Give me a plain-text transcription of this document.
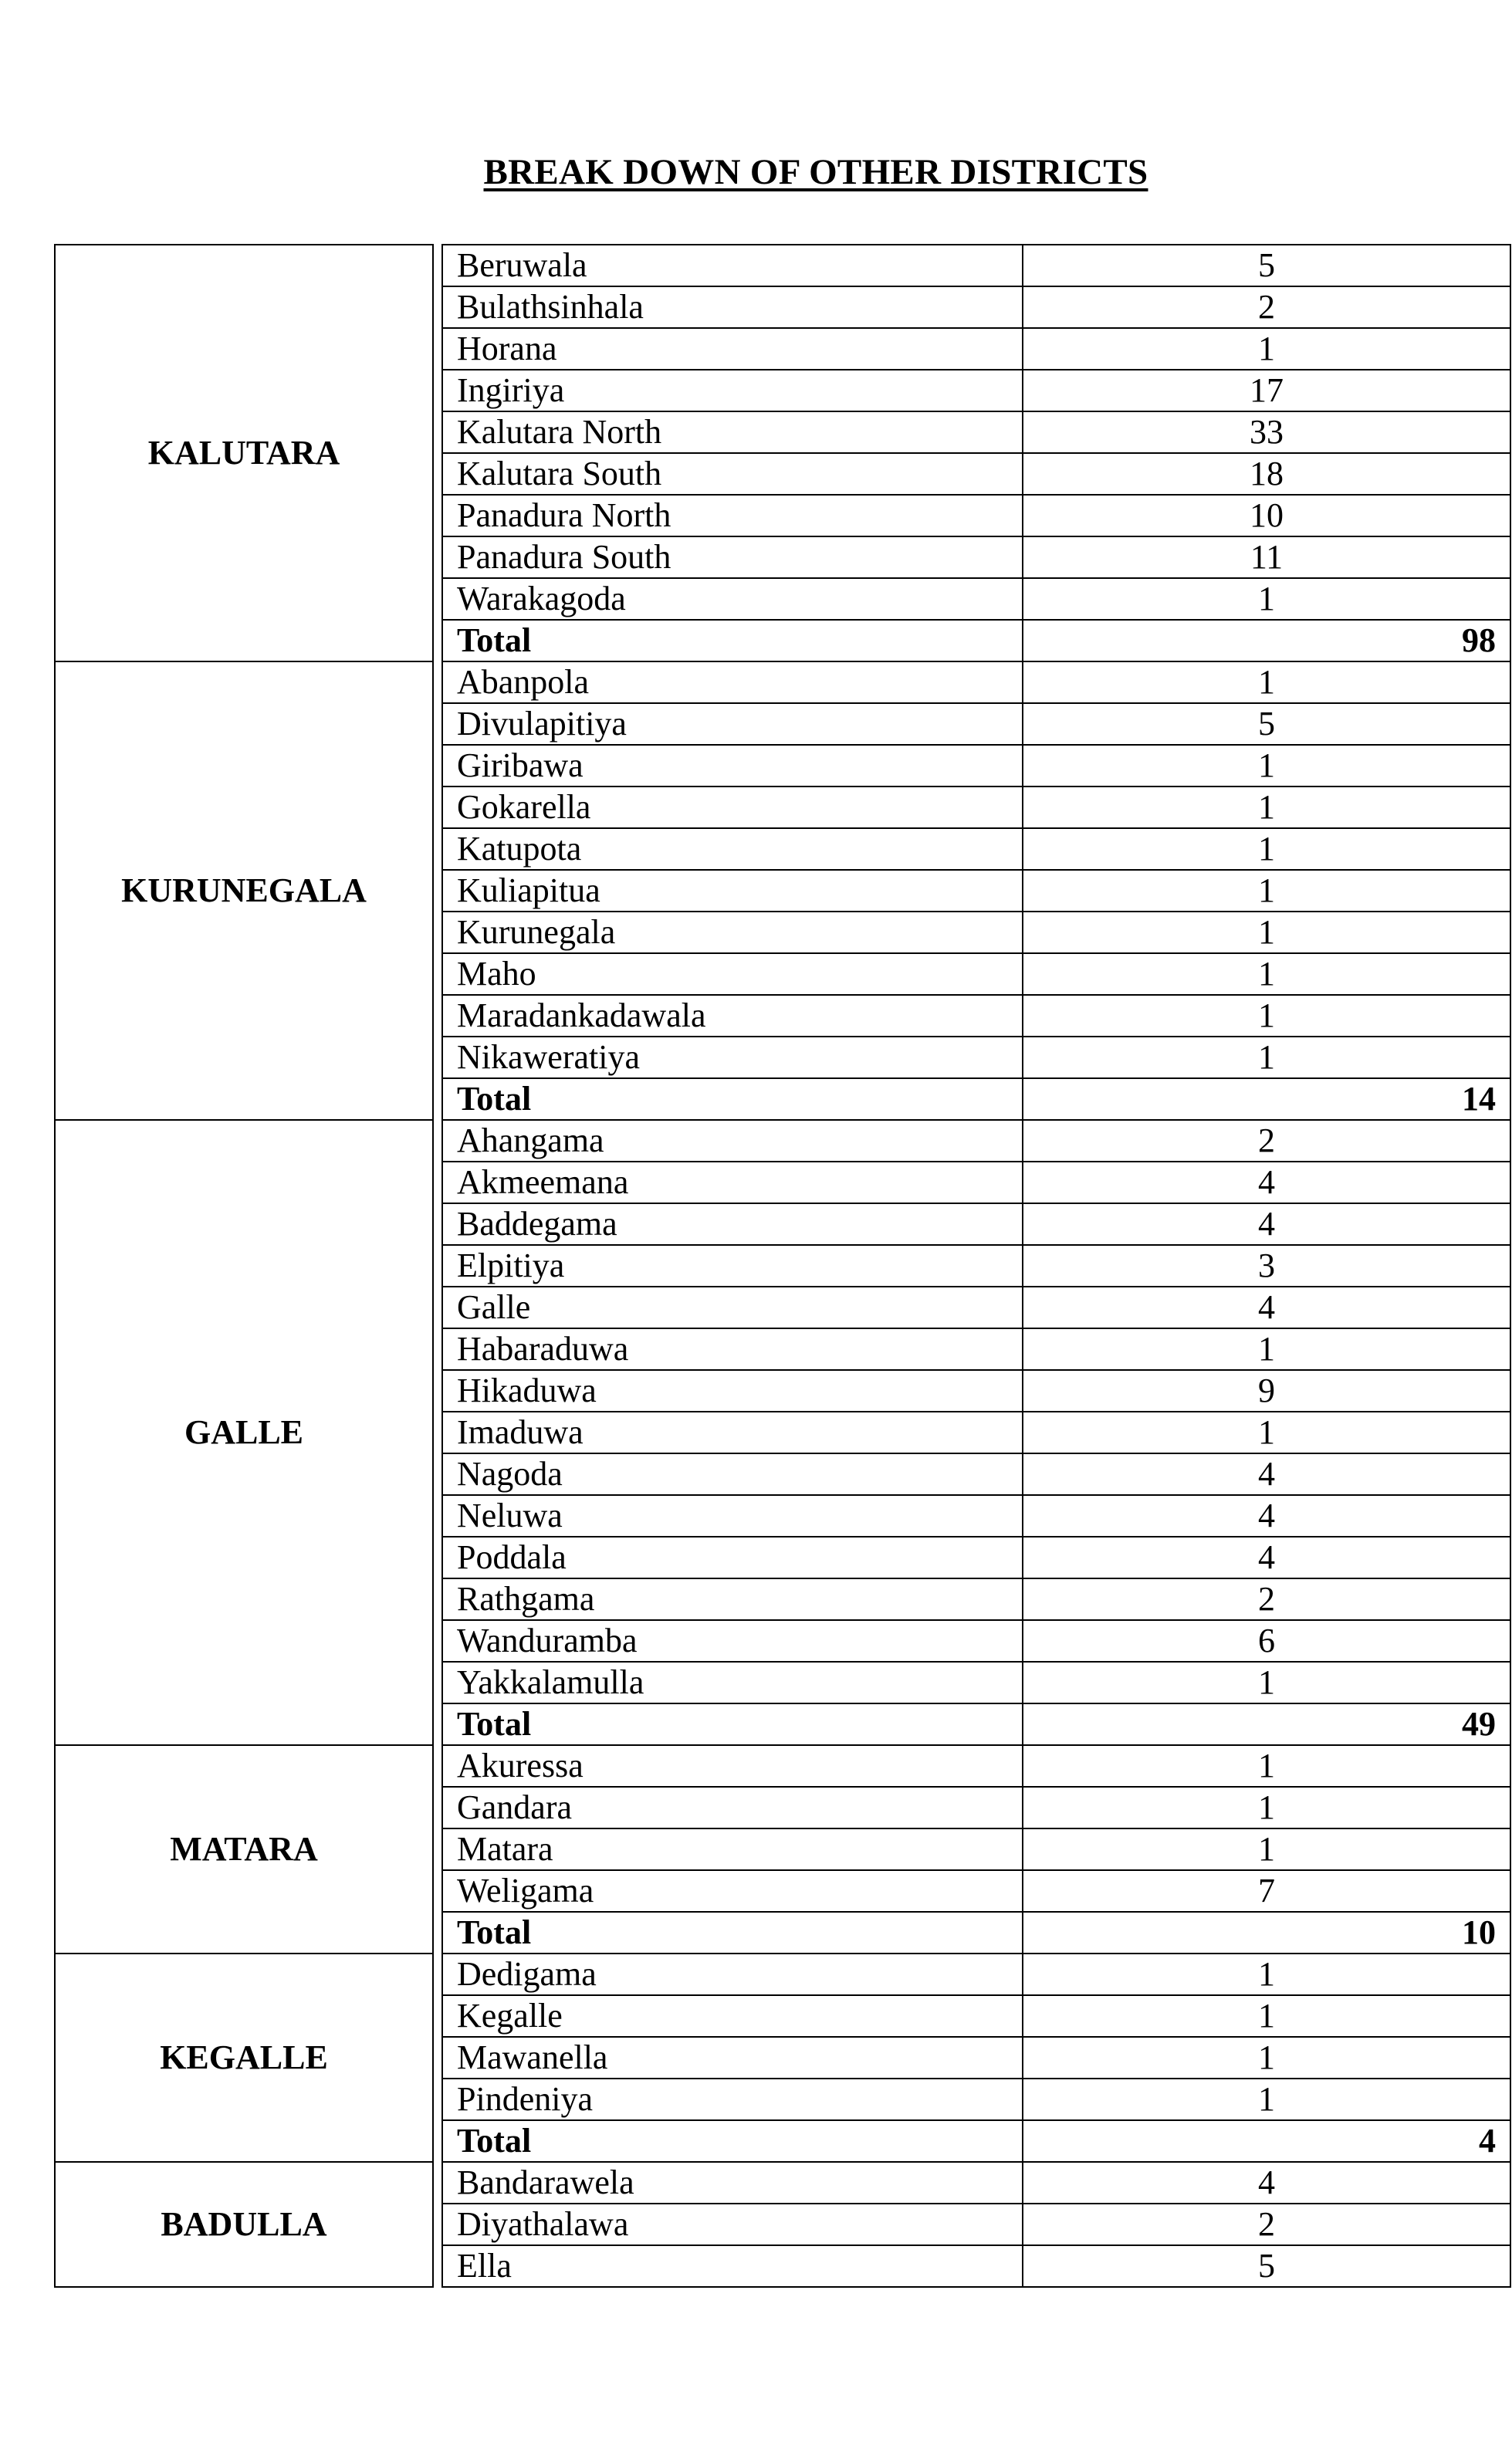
BREAK DOWN OF OTHER DISTRICTS
KALUTARA		Beruwala	5
		Bulathsinhala	2
		Horana	1
		Ingiriya	17
		Kalutara North	33
		Kalutara South	18
		Panadura North	10
		Panadura South	11
		Warakagoda	1
		Total	98
KURUNEGALA		Abanpola	1
		Divulapitiya	5
		Giribawa	1
		Gokarella	1
		Katupota	1
		Kuliapitua	1
		Kurunegala	1
		Maho	1
		Maradankadawala	1
		Nikaweratiya	1
		Total	14
GALLE		Ahangama	2
		Akmeemana	4
		Baddegama	4
		Elpitiya	3
		Galle	4
		Habaraduwa	1
		Hikaduwa	9
		Imaduwa	1
		Nagoda	4
		Neluwa	4
		Poddala	4
		Rathgama	2
		Wanduramba	6
		Yakkalamulla	1
		Total	49
MATARA		Akuressa	1
		Gandara	1
		Matara	1
		Weligama	7
		Total	10
KEGALLE		Dedigama	1
		Kegalle	1
		Mawanella	1
		Pindeniya	1
		Total	4
BADULLA		Bandarawela	4
		Diyathalawa	2
		Ella	5
